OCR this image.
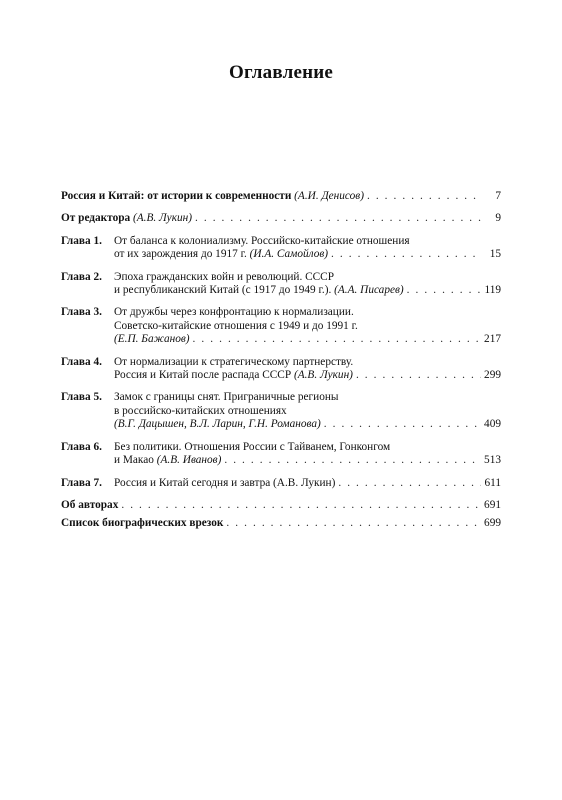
Оглавление
Россия и Китай: от истории к современности (А.И. Денисов) . . .	7
От редактора (А.В. Лукин) . . .	9
Глава 1.	От баланса к колониализму. Российско-китайские отношения
от их зарождения до 1917 г. (И.А. Самойлов) . . .	15
Глава 2.	Эпоха гражданских войн и революций. СССР
и республиканский Китай (с 1917 до 1949 г.). (А.А. Писарев) . . .	119
Глава 3.	От дружбы через конфронтацию к нормализации.
Советско-китайские отношения с 1949 и до 1991 г.
(Е.П. Бажанов) . . .	217
Глава 4.	От нормализации к стратегическому партнерству.
Россия и Китай после распада СССР (А.В. Лукин) . . .	299
Глава 5.	Замок с границы снят. Приграничные регионы
в российско-китайских отношениях
(В.Г. Дацышен, В.Л. Ларин, Г.Н. Романова) . . .	409
Глава 6.	Без политики. Отношения России с Тайванем, Гонконгом
и Макао (А.В. Иванов) . . .	513
Глава 7.	Россия и Китай сегодня и завтра (А.В. Лукин) . . .	611
Об авторах . . .	691
Список биографических врезок . . .	699
